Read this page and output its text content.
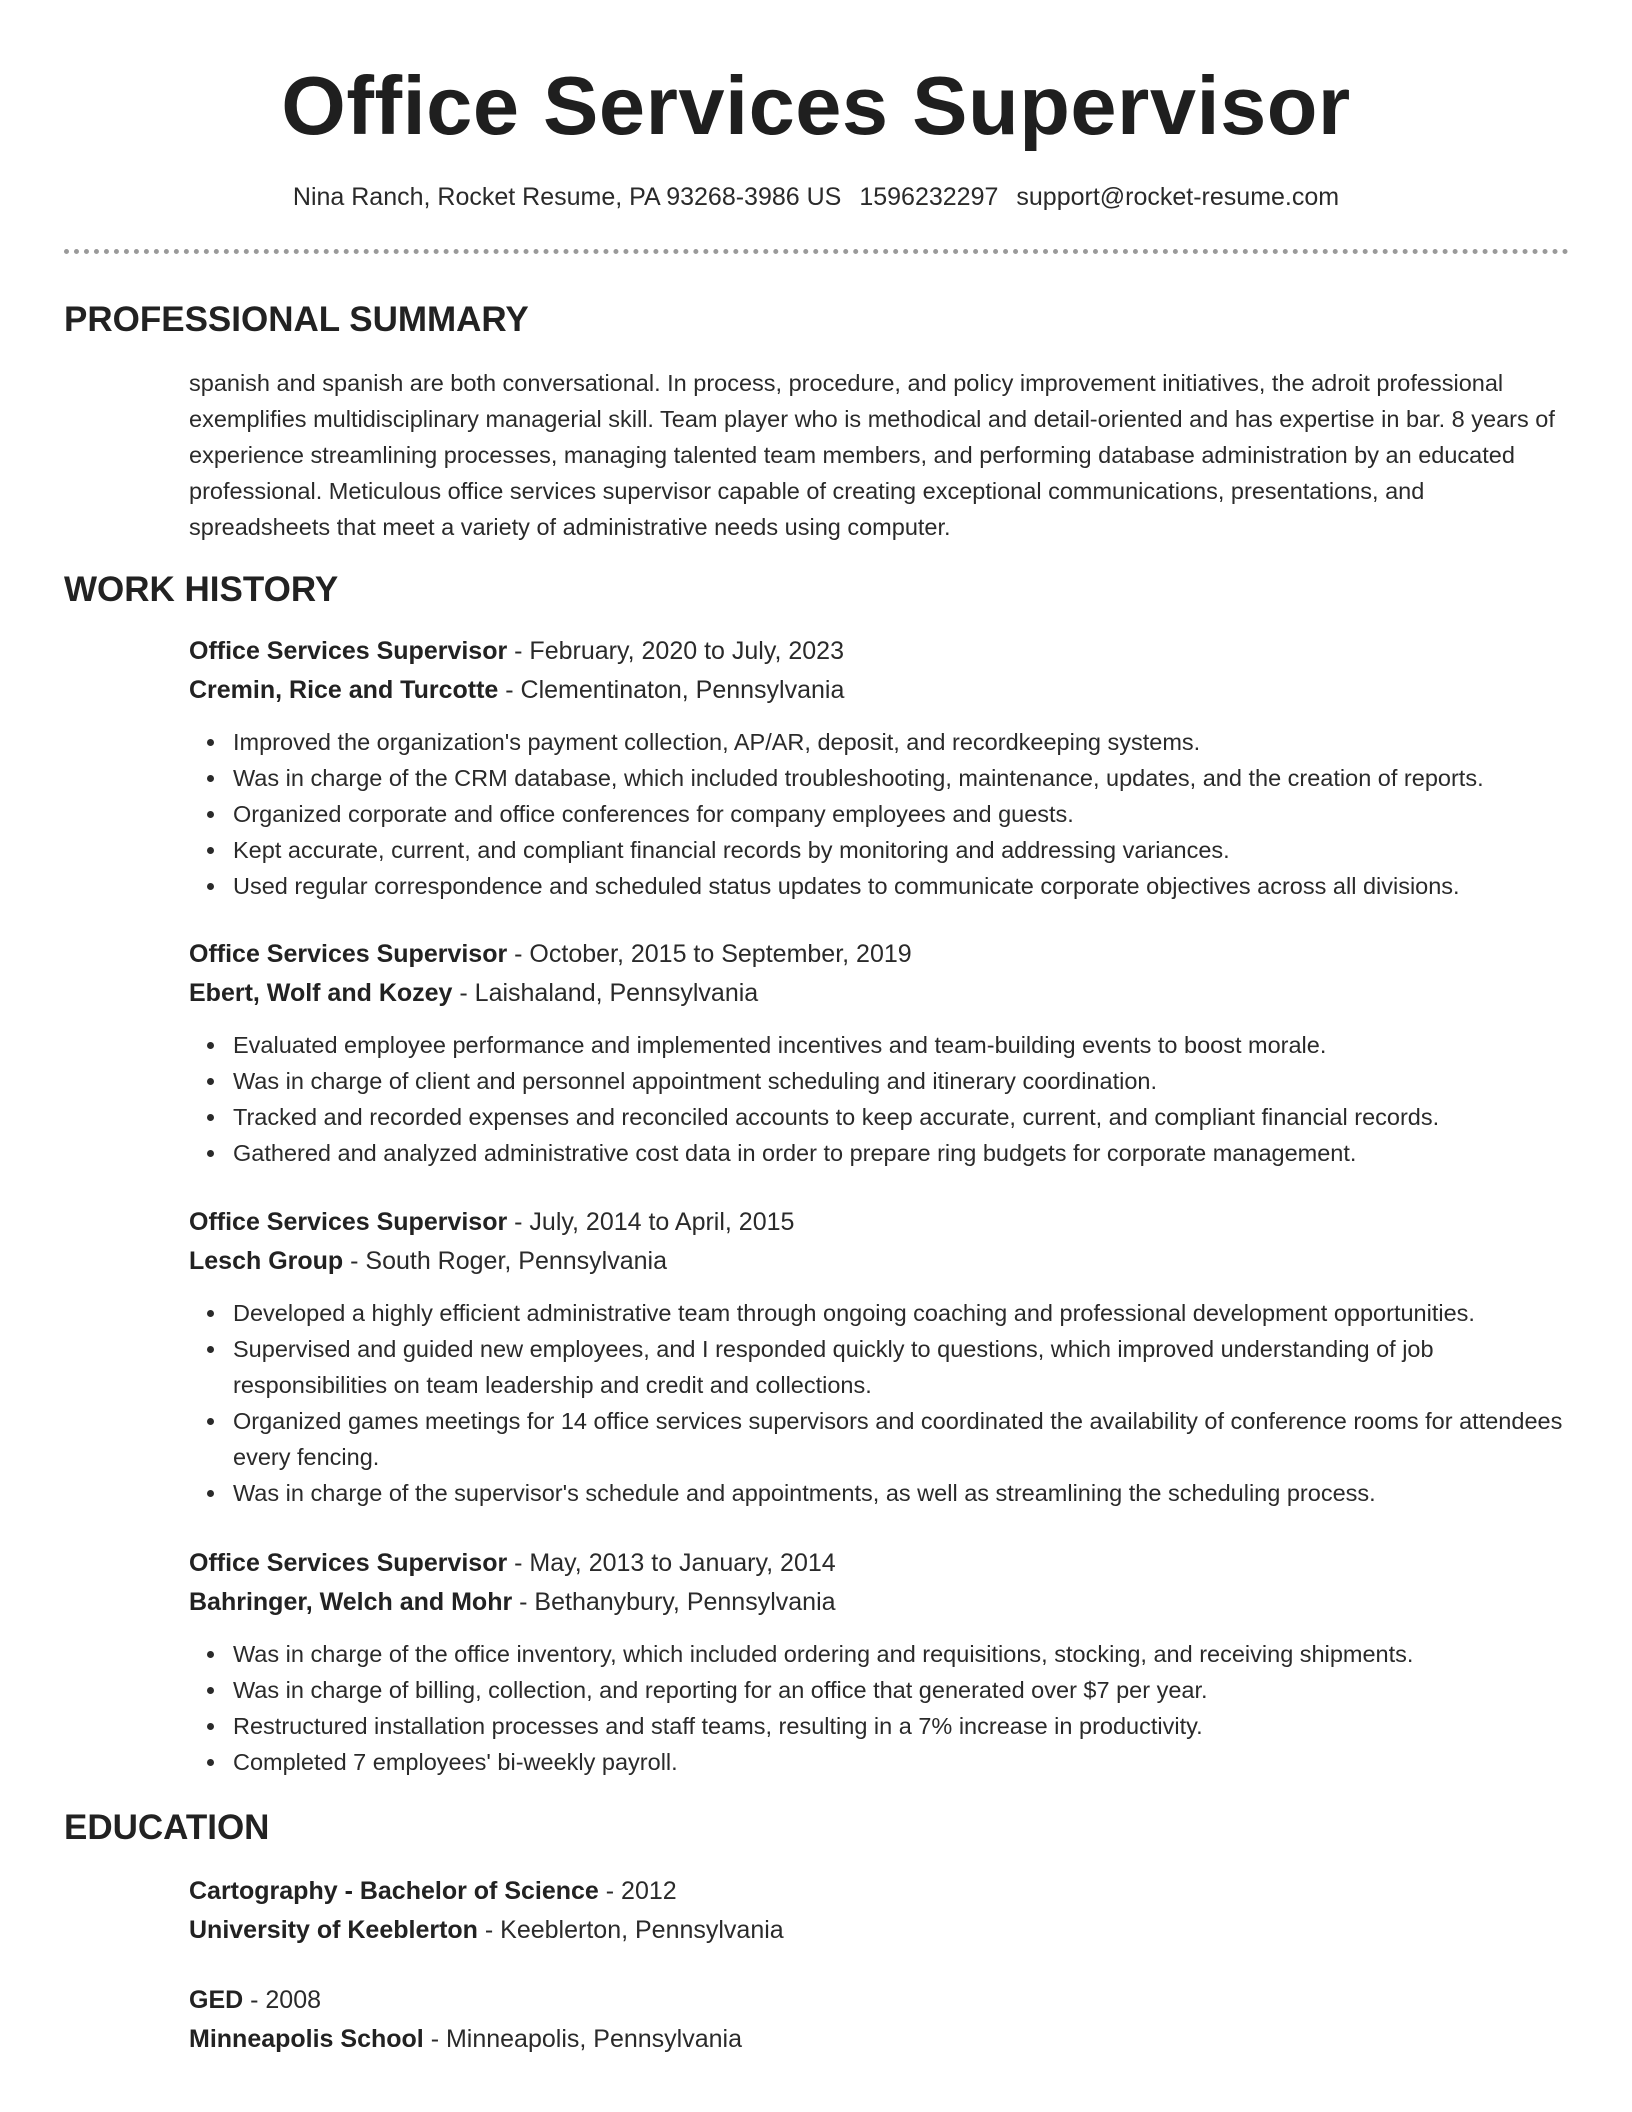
Office Services Supervisor
Nina Ranch, Rocket Resume, PA 93268-3986 US 1596232297 support@rocket-resume.com
PROFESSIONAL SUMMARY
spanish and spanish are both conversational. In process, procedure, and policy improvement initiatives, the adroit professional exemplifies multidisciplinary managerial skill. Team player who is methodical and detail-oriented and has expertise in bar. 8 years of experience streamlining processes, managing talented team members, and performing database administration by an educated professional. Meticulous office services supervisor capable of creating exceptional communications, presentations, and spreadsheets that meet a variety of administrative needs using computer.
WORK HISTORY
Office Services Supervisor - February, 2020 to July, 2023
Cremin, Rice and Turcotte - Clementinaton, Pennsylvania
Improved the organization's payment collection, AP/AR, deposit, and recordkeeping systems.
Was in charge of the CRM database, which included troubleshooting, maintenance, updates, and the creation of reports.
Organized corporate and office conferences for company employees and guests.
Kept accurate, current, and compliant financial records by monitoring and addressing variances.
Used regular correspondence and scheduled status updates to communicate corporate objectives across all divisions.
Office Services Supervisor - October, 2015 to September, 2019
Ebert, Wolf and Kozey - Laishaland, Pennsylvania
Evaluated employee performance and implemented incentives and team-building events to boost morale.
Was in charge of client and personnel appointment scheduling and itinerary coordination.
Tracked and recorded expenses and reconciled accounts to keep accurate, current, and compliant financial records.
Gathered and analyzed administrative cost data in order to prepare ring budgets for corporate management.
Office Services Supervisor - July, 2014 to April, 2015
Lesch Group - South Roger, Pennsylvania
Developed a highly efficient administrative team through ongoing coaching and professional development opportunities.
Supervised and guided new employees, and I responded quickly to questions, which improved understanding of job responsibilities on team leadership and credit and collections.
Organized games meetings for 14 office services supervisors and coordinated the availability of conference rooms for attendees every fencing.
Was in charge of the supervisor's schedule and appointments, as well as streamlining the scheduling process.
Office Services Supervisor - May, 2013 to January, 2014
Bahringer, Welch and Mohr - Bethanybury, Pennsylvania
Was in charge of the office inventory, which included ordering and requisitions, stocking, and receiving shipments.
Was in charge of billing, collection, and reporting for an office that generated over $7 per year.
Restructured installation processes and staff teams, resulting in a 7% increase in productivity.
Completed 7 employees' bi-weekly payroll.
EDUCATION
Cartography - Bachelor of Science - 2012
University of Keeblerton - Keeblerton, Pennsylvania
GED - 2008
Minneapolis School - Minneapolis, Pennsylvania
